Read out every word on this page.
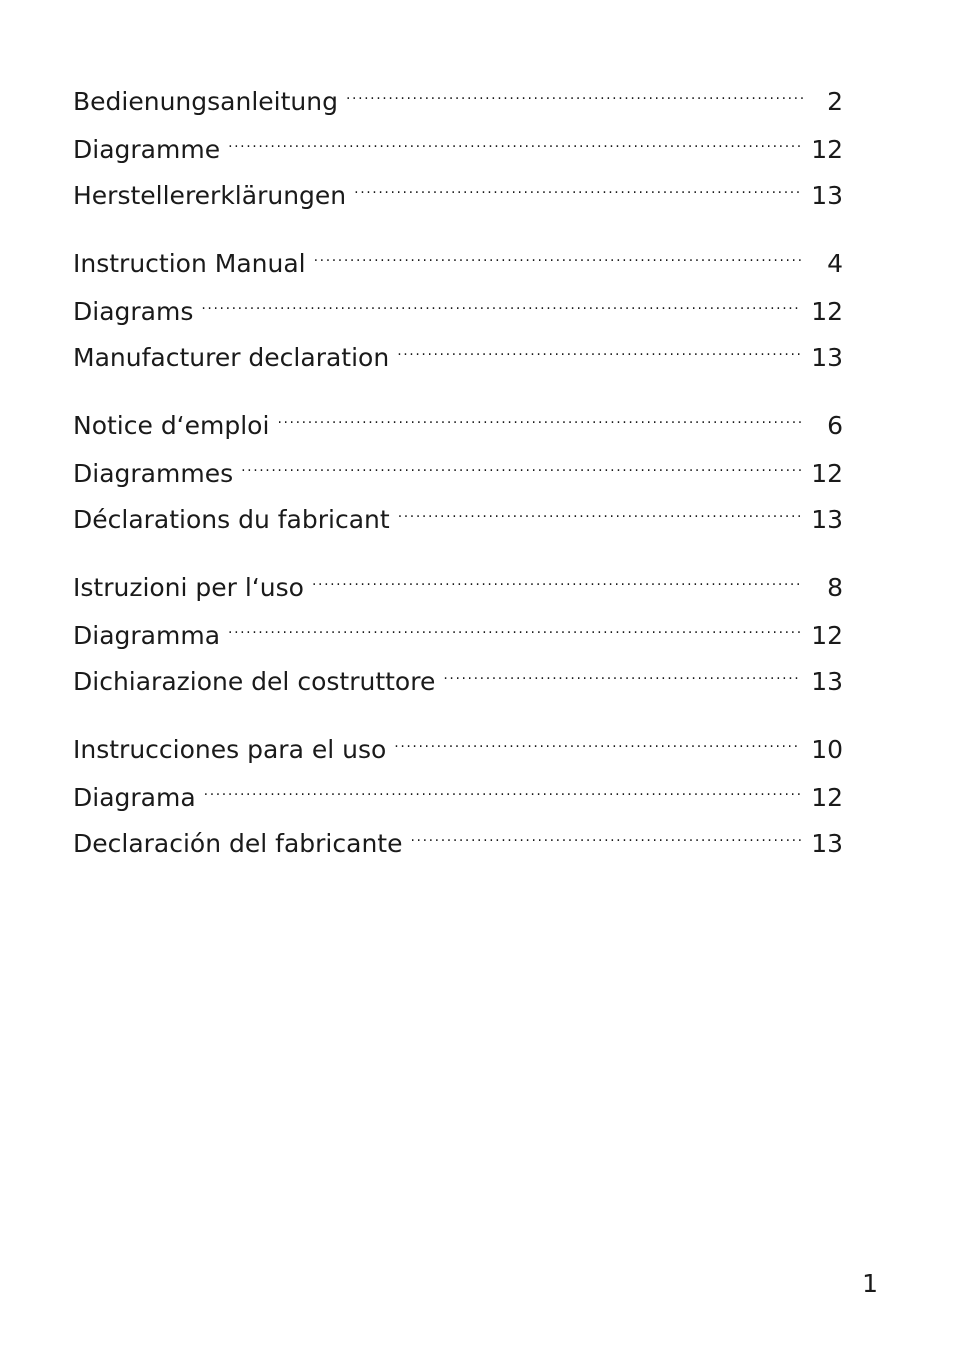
Bedienungsanleitung .....	2
Diagramme .....	12
Herstellererklärungen .....	13
Instruction Manual .....	4
Diagrams .....	12
Manufacturer declaration .....	13
Notice d‘emploi .....	6
Diagrammes .....	12
Déclarations du fabricant .....	13
Istruzioni per l‘uso .....	8
Diagramma .....	12
Dichiarazione del costruttore .....	13
Instrucciones para el uso .....	10
Diagrama .....	12
Declaración del fabricante .....	13
1
